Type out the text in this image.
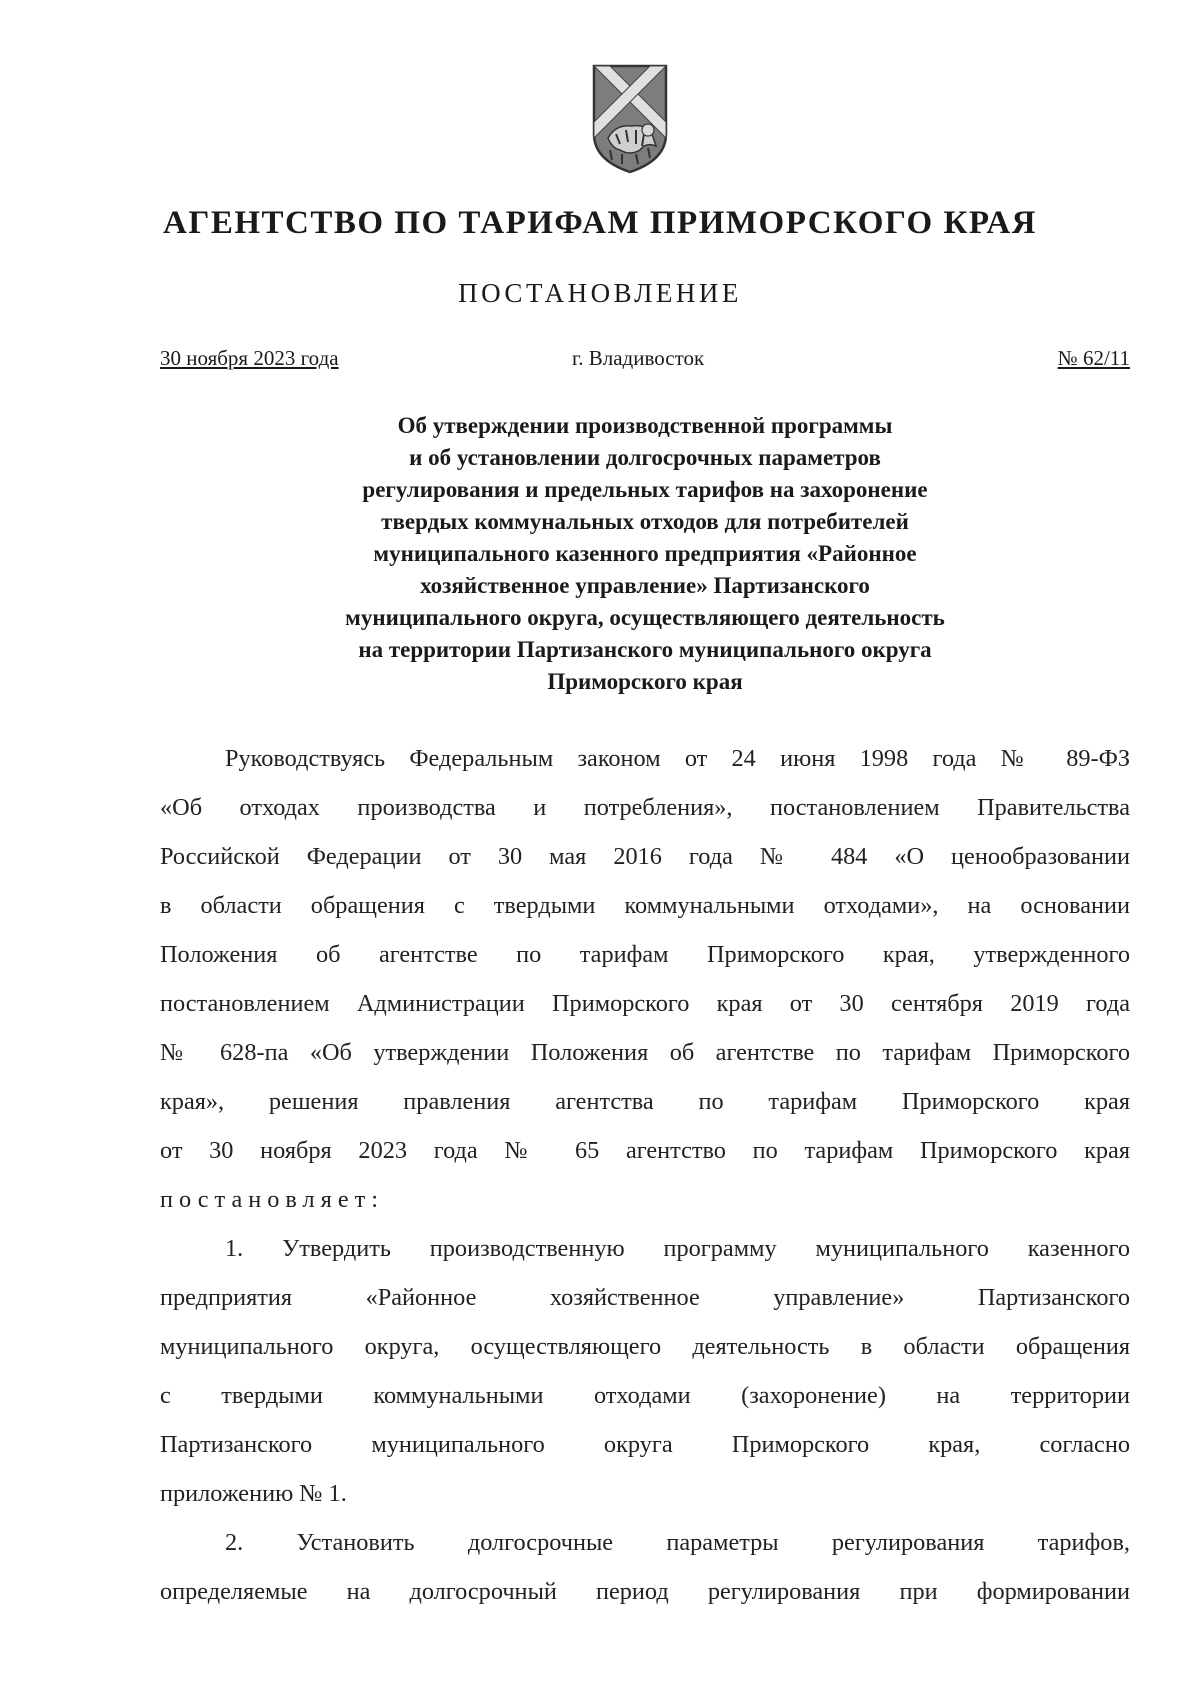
АГЕНТСТВО ПО ТАРИФАМ ПРИМОРСКОГО КРАЯ
ПОСТАНОВЛЕНИЕ
30 ноября 2023 года	г. Владивосток	№ 62/11
Об утверждении производственной программы
и об установлении долгосрочных параметров
регулирования и предельных тарифов на захоронение
твердых коммунальных отходов для потребителей
муниципального казенного предприятия «Районное
хозяйственное управление» Партизанского
муниципального округа, осуществляющего деятельность
на территории Партизанского муниципального округа
Приморского края
Руководствуясь Федеральным законом от 24 июня 1998 года № 89-ФЗ
«Об отходах производства и потребления», постановлением Правительства
Российской Федерации от 30 мая 2016 года № 484 «О ценообразовании
в области обращения с твердыми коммунальными отходами», на основании
Положения об агентстве по тарифам Приморского края, утвержденного
постановлением Администрации Приморского края от 30 сентября 2019 года
№ 628-па «Об утверждении Положения об агентстве по тарифам Приморского
края», решения правления агентства по тарифам Приморского края
от 30 ноября 2023 года № 65 агентство по тарифам Приморского края
постановляет:
1. Утвердить производственную программу муниципального казенного
предприятия «Районное хозяйственное управление» Партизанского
муниципального округа, осуществляющего деятельность в области обращения
с твердыми коммунальными отходами (захоронение) на территории
Партизанского муниципального округа Приморского края, согласно
приложению № 1.
2. Установить долгосрочные параметры регулирования тарифов,
определяемые на долгосрочный период регулирования при формировании
